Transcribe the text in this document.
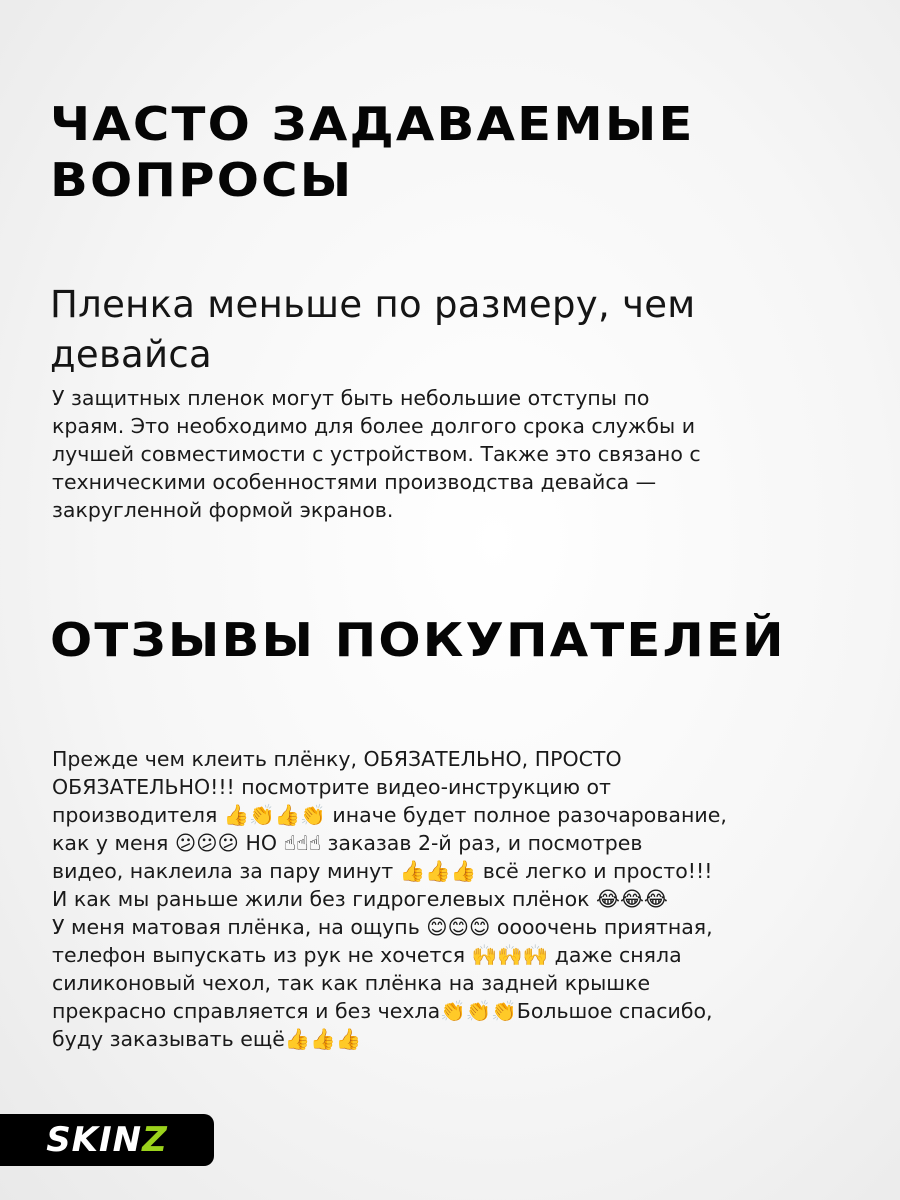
ЧАСТО ЗАДАВАЕМЫЕ ВОПРОСЫ
Пленка меньше по размеру, чем девайса

У защитных пленок могут быть небольшие отступы по
краям. Это необходимо для более долгого срока службы и
лучшей совместимости с устройством. Также это связано с
техническими особенностями производства девайса —
закругленной формой экранов.

ОТЗЫВЫ ПОКУПАТЕЛЕЙ

Прежде чем клеить плёнку, ОБЯЗАТЕЛЬНО, ПРОСТО
ОБЯЗАТЕЛЬНО!!! посмотрите видео-инструкцию от
производителя 👍👏👍👏 иначе будет полное разочарование,
как у меня 😕😕😕 НО ☝☝☝ заказав 2-й раз, и посмотрев
видео, наклеила за пару минут 👍👍👍 всё легко и просто!!!
И как мы раньше жили без гидрогелевых плёнок 😂😂😂
У меня матовая плёнка, на ощупь 😊😊😊 оооочень приятная,
телефон выпускать из рук не хочется 🙌🙌🙌 даже сняла
силиконовый чехол, так как плёнка на задней крышке
прекрасно справляется и без чехла👏👏👏Большое спасибо,
буду заказывать ещё👍👍👍

SKINZ
